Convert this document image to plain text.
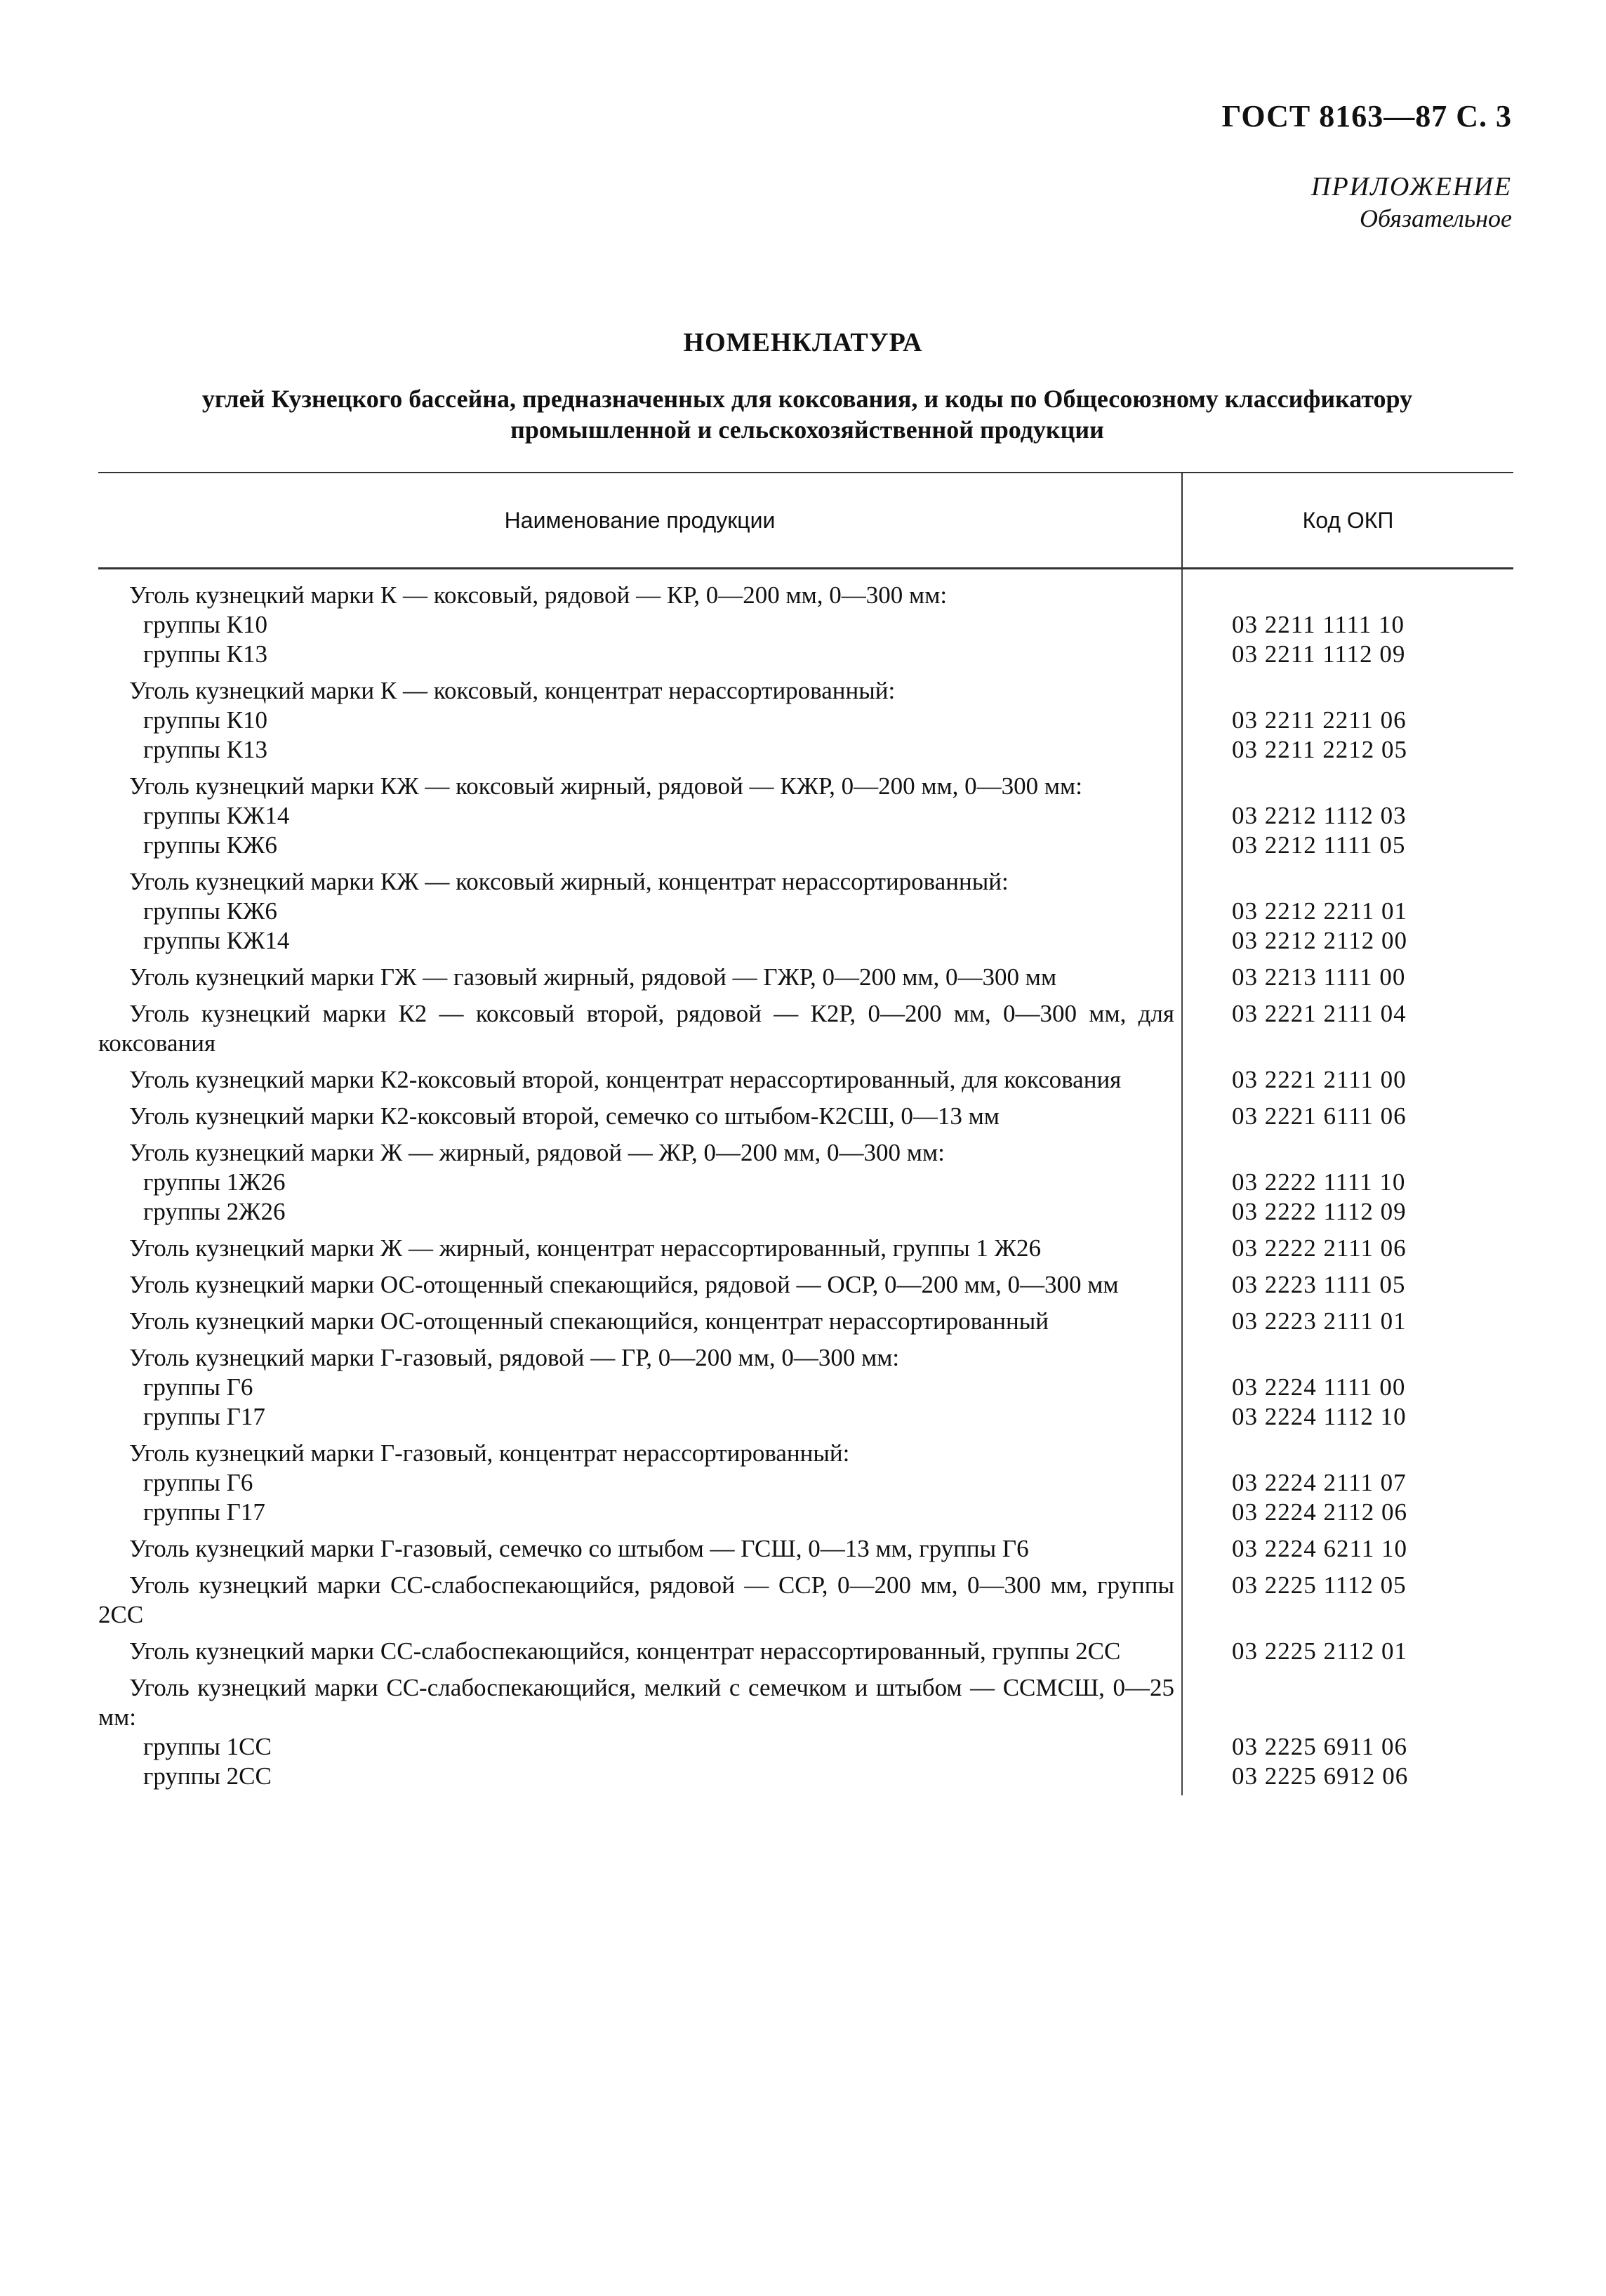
ГОСТ 8163—87 С. 3
ПРИЛОЖЕНИЕ
Обязательное
НОМЕНКЛАТУРА
углей Кузнецкого бассейна, предназначенных для коксования, и коды по Общесоюзному классификатору промышленной и сельскохозяйственной продукции
Наименование продукции	Код ОКП
Уголь кузнецкий марки К — коксовый, рядовой — КР, 0—200 мм, 0—300 мм:	
группы К10	03 2211 1111 10
группы К13	03 2211 1112 09
Уголь кузнецкий марки К — коксовый, концентрат нерассортированный:	
группы К10	03 2211 2211 06
группы К13	03 2211 2212 05
Уголь кузнецкий марки КЖ — коксовый жирный, рядовой — КЖР, 0—200 мм, 0—300 мм:	
группы КЖ14	03 2212 1112 03
группы КЖ6	03 2212 1111 05
Уголь кузнецкий марки КЖ — коксовый жирный, концентрат нерассортированный:	
группы КЖ6	03 2212 2211 01
группы КЖ14	03 2212 2112 00
Уголь кузнецкий марки ГЖ — газовый жирный, рядовой — ГЖР, 0—200 мм, 0—300 мм	03 2213 1111 00
Уголь кузнецкий марки К2 — коксовый второй, рядовой — К2Р, 0—200 мм, 0—300 мм, для коксования	03 2221 2111 04
Уголь кузнецкий марки К2-коксовый второй, концентрат нерассортированный, для коксования	03 2221 2111 00
Уголь кузнецкий марки К2-коксовый второй, семечко со штыбом-К2СШ, 0—13 мм	03 2221 6111 06
Уголь кузнецкий марки Ж — жирный, рядовой — ЖР, 0—200 мм, 0—300 мм:	
группы 1Ж26	03 2222 1111 10
группы 2Ж26	03 2222 1112 09
Уголь кузнецкий марки Ж — жирный, концентрат нерассортированный, группы 1 Ж26	03 2222 2111 06
Уголь кузнецкий марки ОС-отощенный спекающийся, рядовой — ОСР, 0—200 мм, 0—300 мм	03 2223 1111 05
Уголь кузнецкий марки ОС-отощенный спекающийся, концентрат нерассортированный	03 2223 2111 01
Уголь кузнецкий марки Г-газовый, рядовой — ГР, 0—200 мм, 0—300 мм:	
группы Г6	03 2224 1111 00
группы Г17	03 2224 1112 10
Уголь кузнецкий марки Г-газовый, концентрат нерассортированный:	
группы Г6	03 2224 2111 07
группы Г17	03 2224 2112 06
Уголь кузнецкий марки Г-газовый, семечко со штыбом — ГСШ, 0—13 мм, группы Г6	03 2224 6211 10
Уголь кузнецкий марки СС-слабоспекающийся, рядовой — ССР, 0—200 мм, 0—300 мм, группы 2СС	03 2225 1112 05
Уголь кузнецкий марки СС-слабоспекающийся, концентрат нерассортированный, группы 2СС	03 2225 2112 01
Уголь кузнецкий марки СС-слабоспекающийся, мелкий с семечком и штыбом — ССМСШ, 0—25 мм:	
группы 1СС	03 2225 6911 06
группы 2СС	03 2225 6912 06
